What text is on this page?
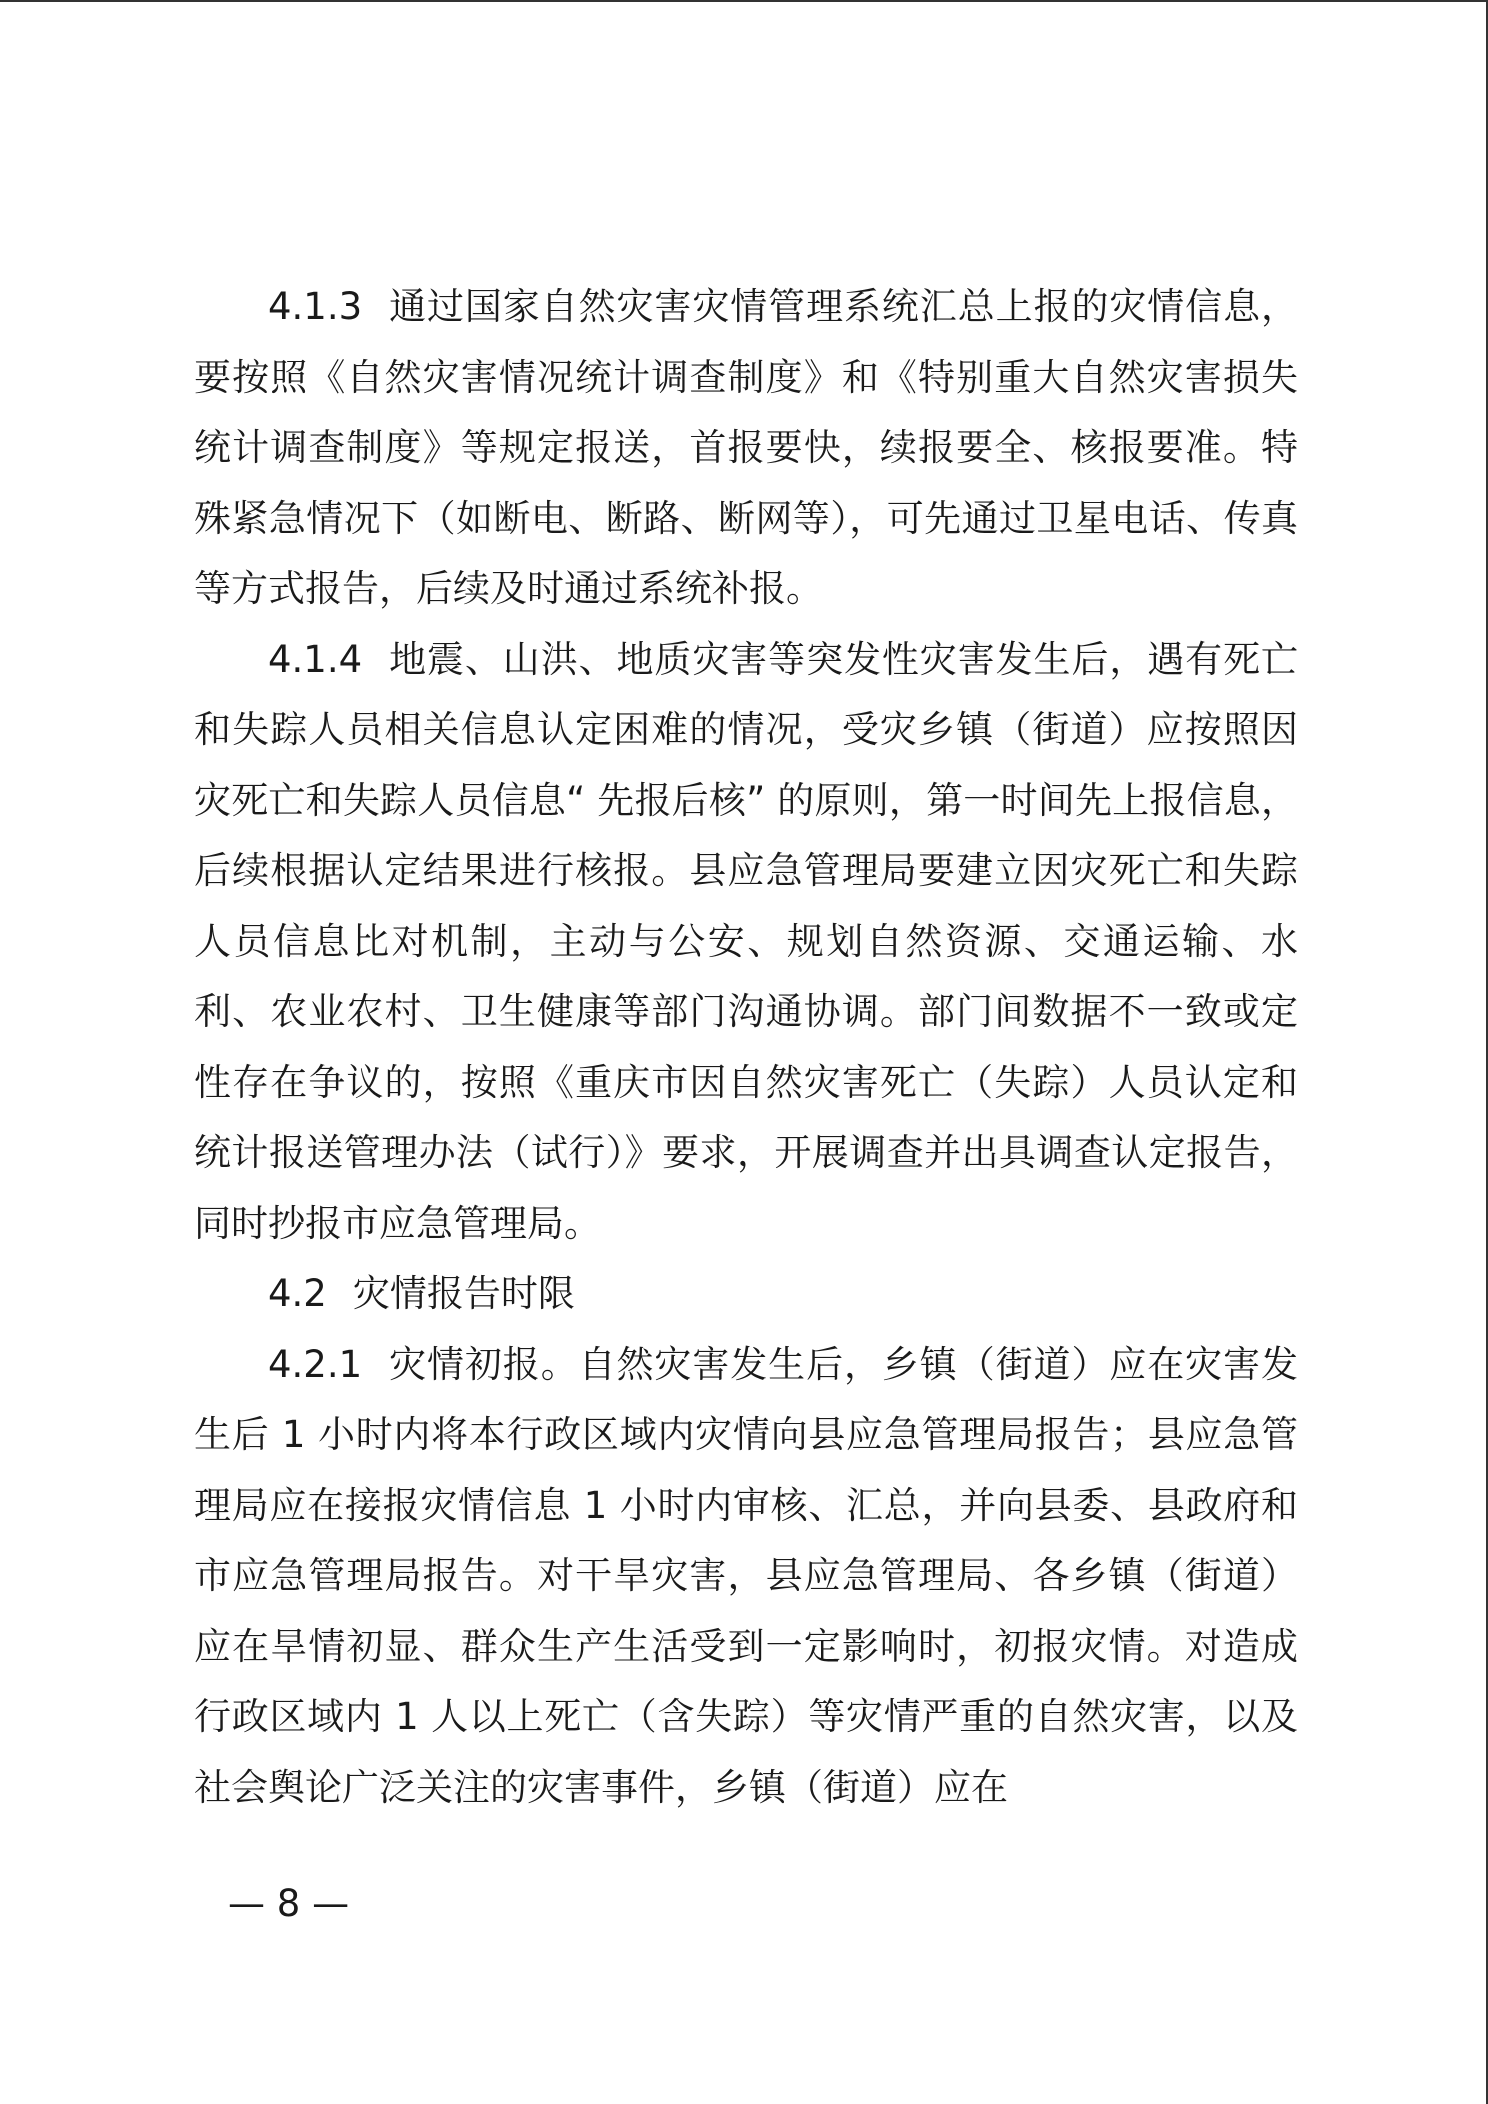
4.1.3 通过国家自然灾害灾情管理系统汇总上报的灾情信息，要按照《自然灾害情况统计调查制度》和《特别重大自然灾害损失统计调查制度》等规定报送，首报要快，续报要全、核报要准。特殊紧急情况下（如断电、断路、断网等），可先通过卫星电话、传真等方式报告，后续及时通过系统补报。

4.1.4 地震、山洪、地质灾害等突发性灾害发生后，遇有死亡和失踪人员相关信息认定困难的情况，受灾乡镇（街道）应按照因灾死亡和失踪人员信息“ 先报后核” 的原则，第一时间先上报信息，后续根据认定结果进行核报。县应急管理局要建立因灾死亡和失踪人员信息比对机制，主动与公安、规划自然资源、交通运输、水利、农业农村、卫生健康等部门沟通协调。部门间数据不一致或定性存在争议的，按照《重庆市因自然灾害死亡（失踪）人员认定和统计报送管理办法（试行）》要求，开展调查并出具调查认定报告，同时抄报市应急管理局。

4.2 灾情报告时限

4.2.1 灾情初报。自然灾害发生后，乡镇（街道）应在灾害发生后 1 小时内将本行政区域内灾情向县应急管理局报告；县应急管理局应在接报灾情信息 1 小时内审核、汇总，并向县委、县政府和市应急管理局报告。对干旱灾害，县应急管理局、各乡镇（街道）应在旱情初显、群众生产生活受到一定影响时，初报灾情。对造成行政区域内 1 人以上死亡（含失踪）等灾情严重的自然灾害，以及社会舆论广泛关注的灾害事件，乡镇（街道）应在

— 8 —
